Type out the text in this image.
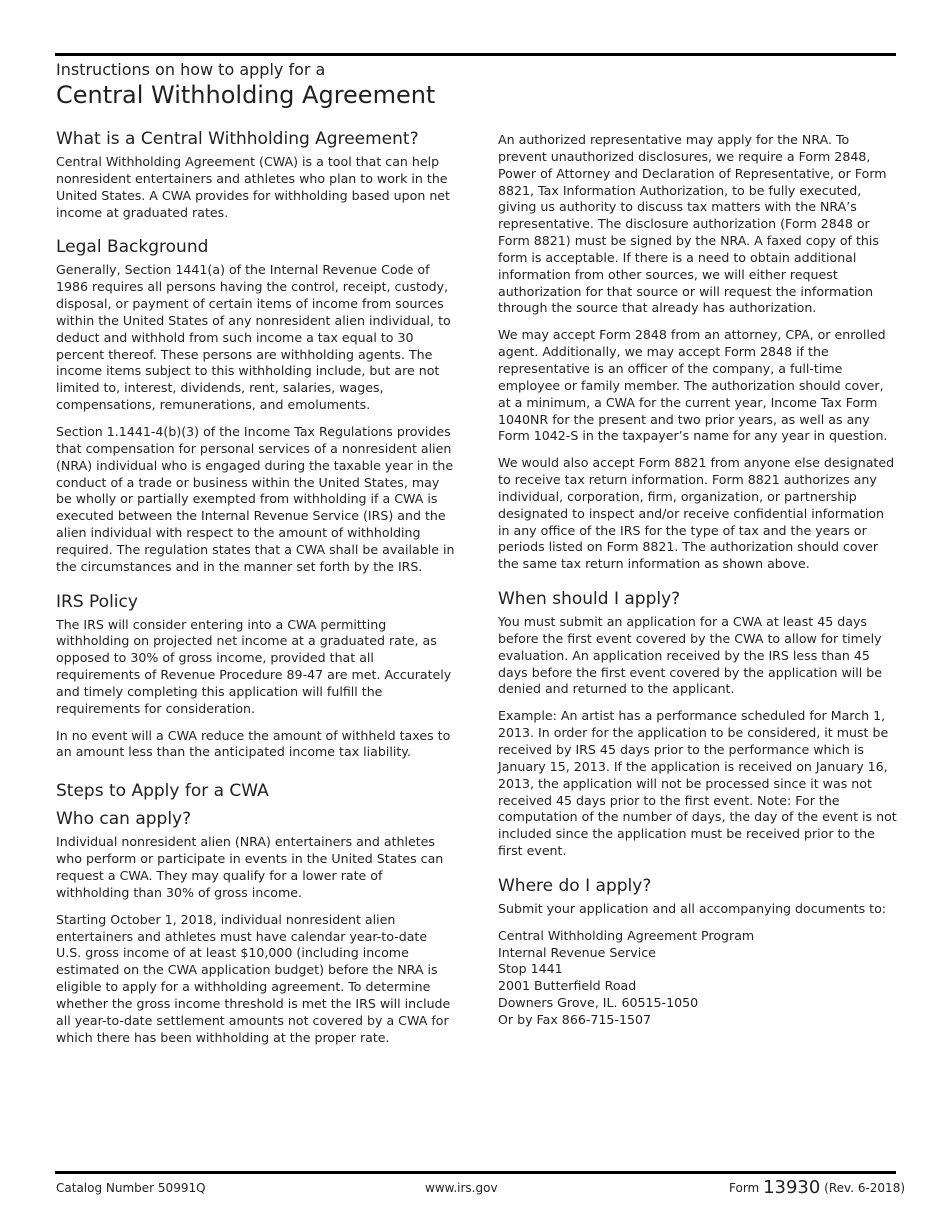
Instructions on how to apply for a

Central Withholding Agreement

What is a Central Withholding Agreement?

Central Withholding Agreement (CWA) is a tool that can help nonresident entertainers and athletes who plan to work in the United States. A CWA provides for withholding based upon net income at graduated rates.

Legal Background

Generally, Section 1441(a) of the Internal Revenue Code of 1986 requires all persons having the control, receipt, custody, disposal, or payment of certain items of income from sources within the United States of any nonresident alien individual, to deduct and withhold from such income a tax equal to 30 percent thereof. These persons are withholding agents. The income items subject to this withholding include, but are not limited to, interest, dividends, rent, salaries, wages, compensations, remunerations, and emoluments.

Section 1.1441-4(b)(3) of the Income Tax Regulations provides that compensation for personal services of a nonresident alien (NRA) individual who is engaged during the taxable year in the conduct of a trade or business within the United States, may be wholly or partially exempted from withholding if a CWA is executed between the Internal Revenue Service (IRS) and the alien individual with respect to the amount of withholding required. The regulation states that a CWA shall be available in the circumstances and in the manner set forth by the IRS.

IRS Policy

The IRS will consider entering into a CWA permitting withholding on projected net income at a graduated rate, as opposed to 30% of gross income, provided that all requirements of Revenue Procedure 89-47 are met. Accurately and timely completing this application will fulfill the requirements for consideration.

In no event will a CWA reduce the amount of withheld taxes to an amount less than the anticipated income tax liability.

Steps to Apply for a CWA
Who can apply?

Individual nonresident alien (NRA) entertainers and athletes who perform or participate in events in the United States can request a CWA. They may qualify for a lower rate of withholding than 30% of gross income.

Starting October 1, 2018, individual nonresident alien entertainers and athletes must have calendar year-to-date U.S. gross income of at least $10,000 (including income estimated on the CWA application budget) before the NRA is eligible to apply for a withholding agreement. To determine whether the gross income threshold is met the IRS will include all year-to-date settlement amounts not covered by a CWA for which there has been withholding at the proper rate.

An authorized representative may apply for the NRA. To prevent unauthorized disclosures, we require a Form 2848, Power of Attorney and Declaration of Representative, or Form 8821, Tax Information Authorization, to be fully executed, giving us authority to discuss tax matters with the NRA’s representative. The disclosure authorization (Form 2848 or Form 8821) must be signed by the NRA. A faxed copy of this form is acceptable. If there is a need to obtain additional information from other sources, we will either request authorization for that source or will request the information through the source that already has authorization.

We may accept Form 2848 from an attorney, CPA, or enrolled agent. Additionally, we may accept Form 2848 if the representative is an officer of the company, a full-time employee or family member. The authorization should cover, at a minimum, a CWA for the current year, Income Tax Form 1040NR for the present and two prior years, as well as any Form 1042-S in the taxpayer’s name for any year in question.

We would also accept Form 8821 from anyone else designated to receive tax return information. Form 8821 authorizes any individual, corporation, firm, organization, or partnership designated to inspect and/or receive confidential information in any office of the IRS for the type of tax and the years or periods listed on Form 8821. The authorization should cover the same tax return information as shown above.

When should I apply?

You must submit an application for a CWA at least 45 days before the first event covered by the CWA to allow for timely evaluation. An application received by the IRS less than 45 days before the first event covered by the application will be denied and returned to the applicant.

Example: An artist has a performance scheduled for March 1, 2013. In order for the application to be considered, it must be received by IRS 45 days prior to the performance which is January 15, 2013. If the application is received on January 16, 2013, the application will not be processed since it was not received 45 days prior to the first event. Note: For the computation of the number of days, the day of the event is not included since the application must be received prior to the first event.

Where do I apply?

Submit your application and all accompanying documents to:

Central Withholding Agreement Program
Internal Revenue Service
Stop 1441
2001 Butterfield Road
Downers Grove, IL. 60515-1050
Or by Fax 866-715-1507
Catalog Number 50991Q	www.irs.gov	Form 13930 (Rev. 6-2018)
